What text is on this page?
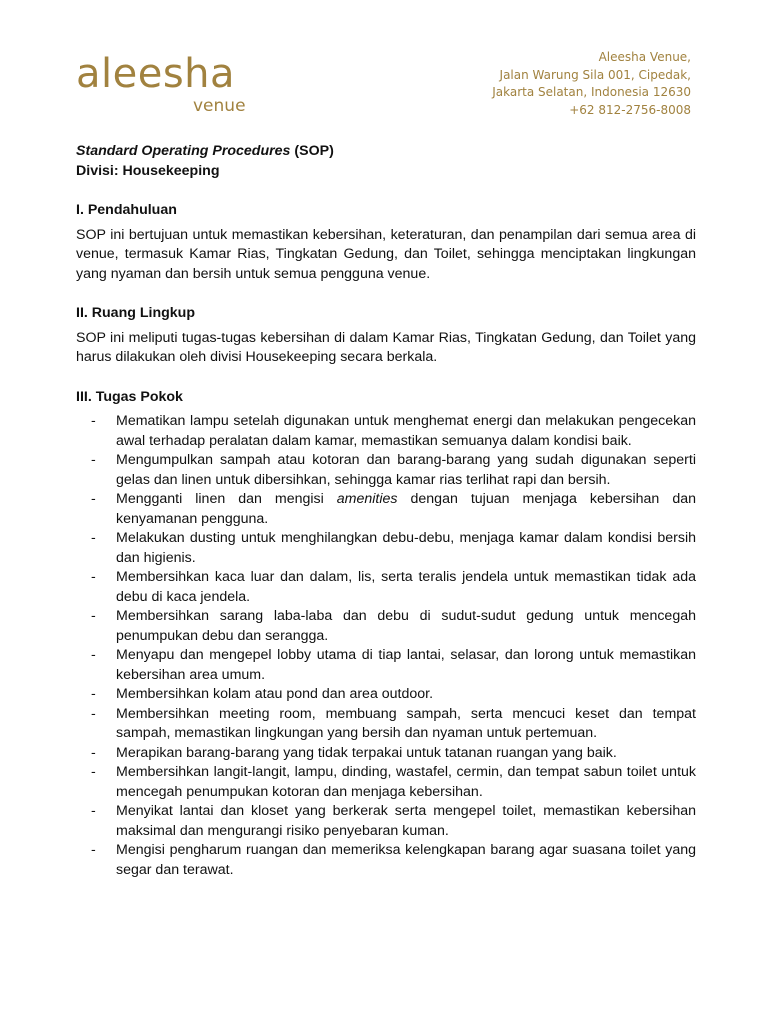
aleesha
venue
Aleesha Venue,
Jalan Warung Sila 001, Cipedak,
Jakarta Selatan, Indonesia 12630
+62 812-2756-8008
Standard Operating Procedures (SOP)
Divisi: Housekeeping
I. Pendahuluan

SOP ini bertujuan untuk memastikan kebersihan, keteraturan, dan penampilan dari semua area di venue, termasuk Kamar Rias, Tingkatan Gedung, dan Toilet, sehingga menciptakan lingkungan yang nyaman dan bersih untuk semua pengguna venue.

II. Ruang Lingkup

SOP ini meliputi tugas-tugas kebersihan di dalam Kamar Rias, Tingkatan Gedung, dan Toilet yang harus dilakukan oleh divisi Housekeeping secara berkala.

III. Tugas Pokok
- Mematikan lampu setelah digunakan untuk menghemat energi dan melakukan pengecekan awal terhadap peralatan dalam kamar, memastikan semuanya dalam kondisi baik.
- Mengumpulkan sampah atau kotoran dan barang-barang yang sudah digunakan seperti gelas dan linen untuk dibersihkan, sehingga kamar rias terlihat rapi dan bersih.
- Mengganti linen dan mengisi amenities dengan tujuan menjaga kebersihan dan kenyamanan pengguna.
- Melakukan dusting untuk menghilangkan debu-debu, menjaga kamar dalam kondisi bersih dan higienis.
- Membersihkan kaca luar dan dalam, lis, serta teralis jendela untuk memastikan tidak ada debu di kaca jendela.
- Membersihkan sarang laba-laba dan debu di sudut-sudut gedung untuk mencegah penumpukan debu dan serangga.
- Menyapu dan mengepel lobby utama di tiap lantai, selasar, dan lorong untuk memastikan kebersihan area umum.
- Membersihkan kolam atau pond dan area outdoor.
- Membersihkan meeting room, membuang sampah, serta mencuci keset dan tempat sampah, memastikan lingkungan yang bersih dan nyaman untuk pertemuan.
- Merapikan barang-barang yang tidak terpakai untuk tatanan ruangan yang baik.
- Membersihkan langit-langit, lampu, dinding, wastafel, cermin, dan tempat sabun toilet untuk mencegah penumpukan kotoran dan menjaga kebersihan.
- Menyikat lantai dan kloset yang berkerak serta mengepel toilet, memastikan kebersihan maksimal dan mengurangi risiko penyebaran kuman.
- Mengisi pengharum ruangan dan memeriksa kelengkapan barang agar suasana toilet yang segar dan terawat.
